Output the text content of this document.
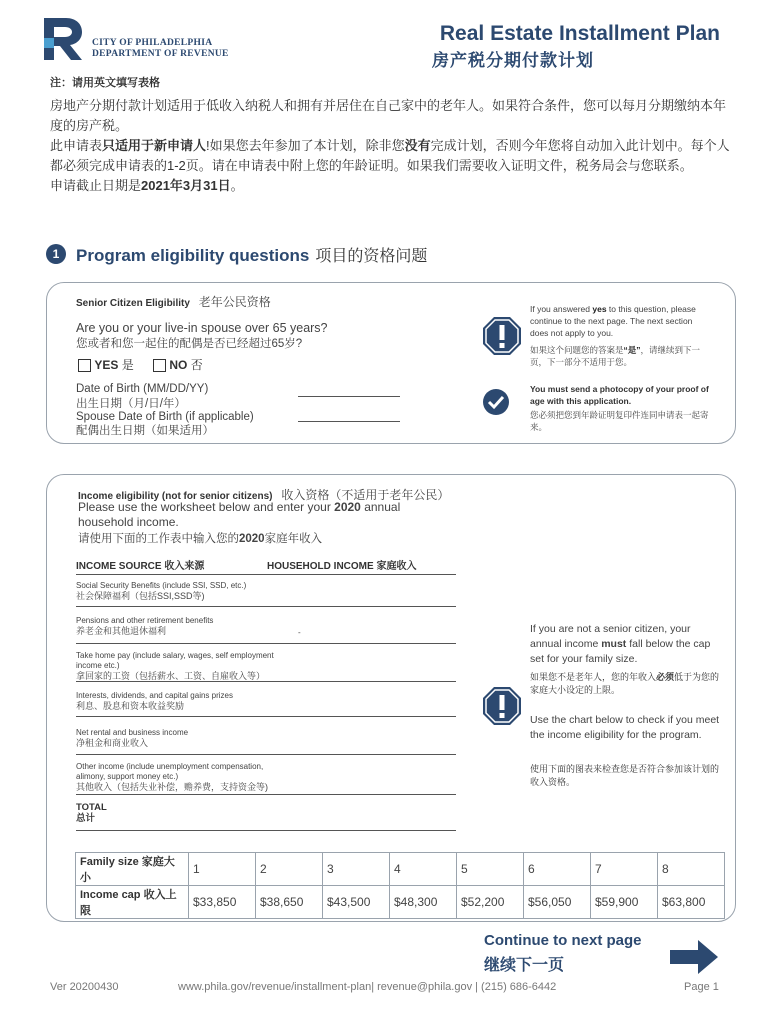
CITY OF PHILADELPHIA
DEPARTMENT OF REVENUE
Real Estate Installment Plan
房产税分期付款计划
注：请用英文填写表格

房地产分期付款计划适用于低收入纳税人和拥有并居住在自己家中的老年人。如果符合条件，您可以每月分期缴纳本年度的房产税。

此申请表只适用于新申请人!如果您去年参加了本计划，除非您没有完成计划，否则今年您将自动加入此计划中。每个人都必须完成申请表的1-2页。请在申请表中附上您的年龄证明。如果我们需要收入证明文件，税务局会与您联系。

申请截止日期是2021年3月31日。

1 Program eligibility questions 项目的资格问题
Senior Citizen Eligibility 老年公民资格
Are you or your live-in spouse over 65 years?
您或者和您一起住的配偶是否已经超过65岁?
YES 是	NO 否
Date of Birth (MM/DD/YY)
出生日期（月/日/年）
Spouse Date of Birth (if applicable)
配偶出生日期（如果适用）
If you answered yes to this question, please continue to the next page. The next section does not apply to you.
如果这个问题您的答案是“是”，请继续到下一页，下一部分不适用于您。
You must send a photocopy of your proof of age with this application.
您必须把您到年龄证明复印件连同申请表一起寄来。
Income eligibility (not for senior citizens) 收入资格（不适用于老年公民）
Please use the worksheet below and enter your 2020 annual household income.
请使用下面的工作表中输入您的2020家庭年收入
INCOME SOURCE 收入来源	HOUSEHOLD INCOME 家庭收入
Social Security Benefits (include SSI, SSD, etc.)
社会保障福利（包括SSI,SSD等)
Pensions and other retirement benefits
养老金和其他退休福利	-
Take home pay (include salary, wages, self employment income etc.)
拿回家的工资（包括薪水、工资、自雇收入等）
Interests, dividends, and capital gains prizes
利息、股息和资本收益奖励
Net rental and business income
净租金和商业收入
Other income (include unemployment compensation, alimony, support money etc.)
其他收入（包括失业补偿，赡养费，支持资金等)
TOTAL
总计
If you are not a senior citizen, your annual income must fall below the cap set for your family size.
如果您不是老年人，您的年收入必须低于为您的家庭大小设定的上限。
Use the chart below to check if you meet the income eligibility for the program.
使用下面的图表来检查您是否符合参加该计划的收入资格。
Family size 家庭大小	1	2	3	4	5	6	7	8
Income cap 收入上限	$33,850	$38,650	$43,500	$48,300	$52,200	$56,050	$59,900	$63,800
Continue to next page
继续下一页
Ver 20200430	www.phila.gov/revenue/installment-plan| revenue@phila.gov | (215) 686-6442	Page 1
